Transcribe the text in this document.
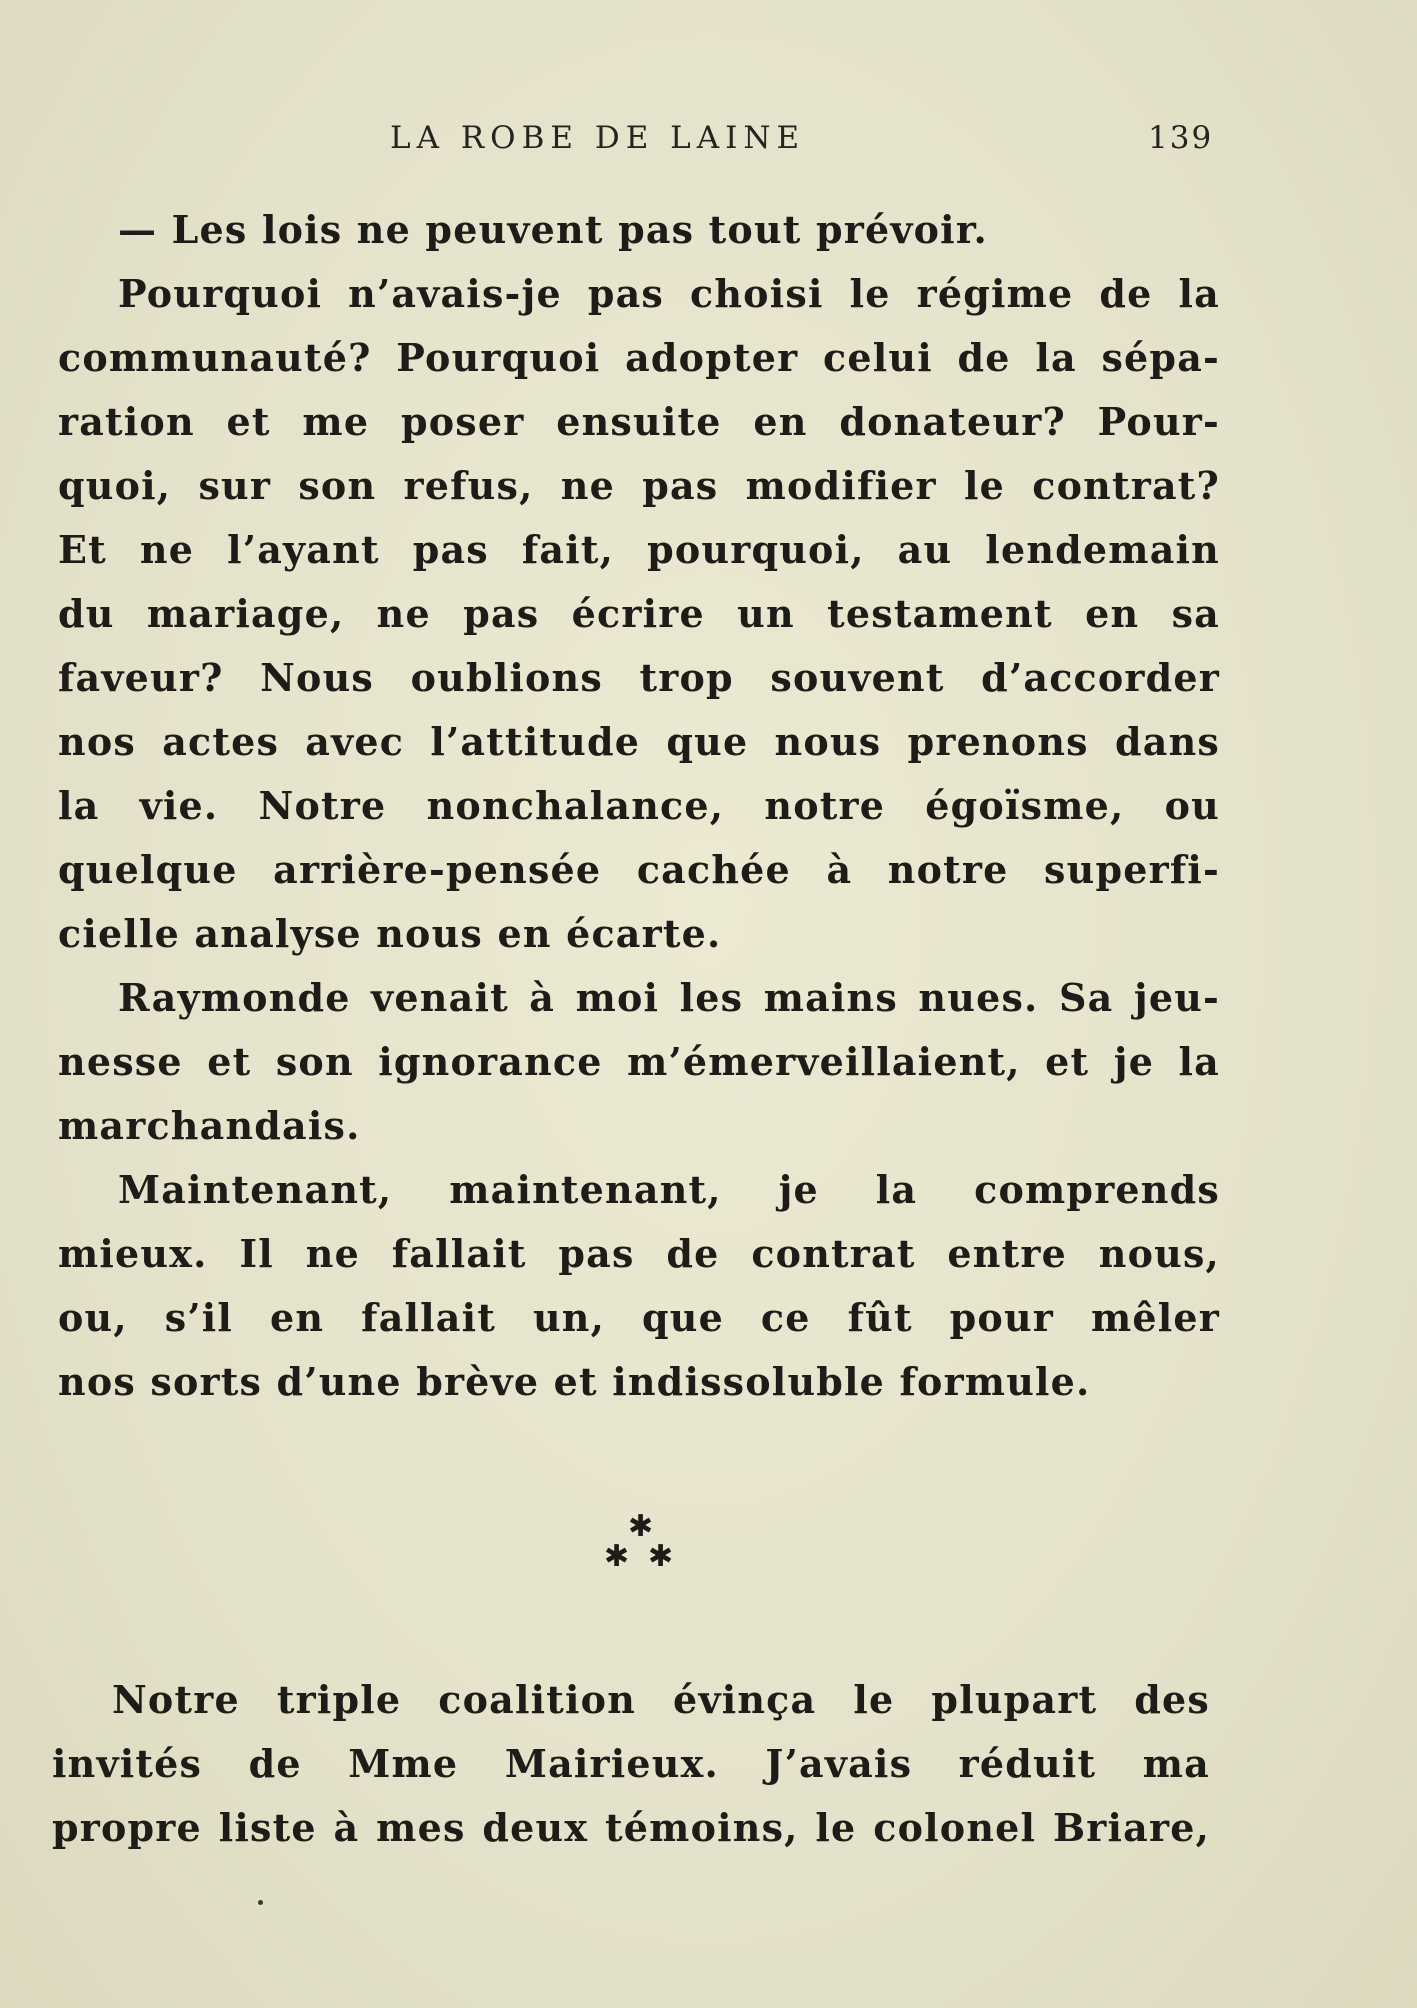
LA ROBE DE LAINE	139
— Les lois ne peuvent pas tout prévoir.
Pourquoi n’avais-je pas choisi le régime de la
communauté? Pourquoi adopter celui de la sépa-
ration et me poser ensuite en donateur? Pour-
quoi, sur son refus, ne pas modifier le contrat?
Et ne l’ayant pas fait, pourquoi, au lendemain
du mariage, ne pas écrire un testament en sa
faveur? Nous oublions trop souvent d’accorder
nos actes avec l’attitude que nous prenons dans
la vie. Notre nonchalance, notre égoïsme, ou
quelque arrière-pensée cachée à notre superfi-
cielle analyse nous en écarte.
Raymonde venait à moi les mains nues. Sa jeu-
nesse et son ignorance m’émerveillaient, et je la
marchandais.
Maintenant, maintenant, je la comprends
mieux. Il ne fallait pas de contrat entre nous,
ou, s’il en fallait un, que ce fût pour mêler
nos sorts d’une brève et indissoluble formule.
✱
✱ ✱
Notre triple coalition évinça le plupart des
invités de Mme Mairieux. J’avais réduit ma
propre liste à mes deux témoins, le colonel Briare,
